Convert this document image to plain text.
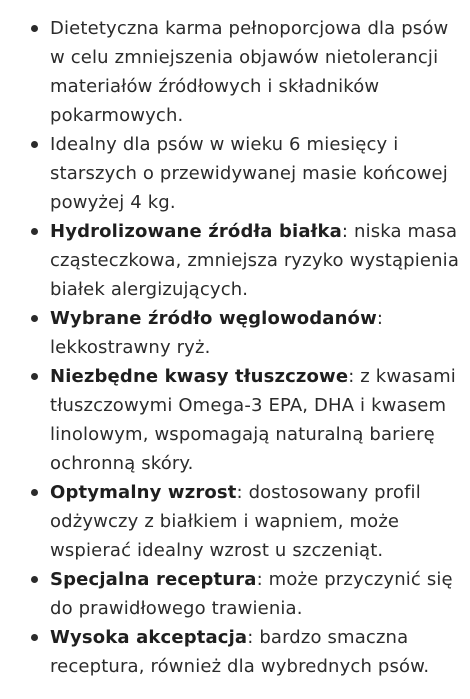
Dietetyczna karma pełnoporcjowa dla psów w celu zmniejszenia objawów nietolerancji materiałów źródłowych i składników pokarmowych.
Idealny dla psów w wieku 6 miesięcy i starszych o przewidywanej masie końcowej powyżej 4 kg.
Hydrolizowane źródła białka: niska masa cząsteczkowa, zmniejsza ryzyko wystąpienia białek alergizujących.
Wybrane źródło węglowodanów: lekkostrawny ryż.
Niezbędne kwasy tłuszczowe: z kwasami tłuszczowymi Omega-3 EPA, DHA i kwasem linolowym, wspomagają naturalną barierę ochronną skóry.
Optymalny wzrost: dostosowany profil odżywczy z białkiem i wapniem, może wspierać idealny wzrost u szczeniąt.
Specjalna receptura: może przyczynić się do prawidłowego trawienia.
Wysoka akceptacja: bardzo smaczna receptura, również dla wybrednych psów.
